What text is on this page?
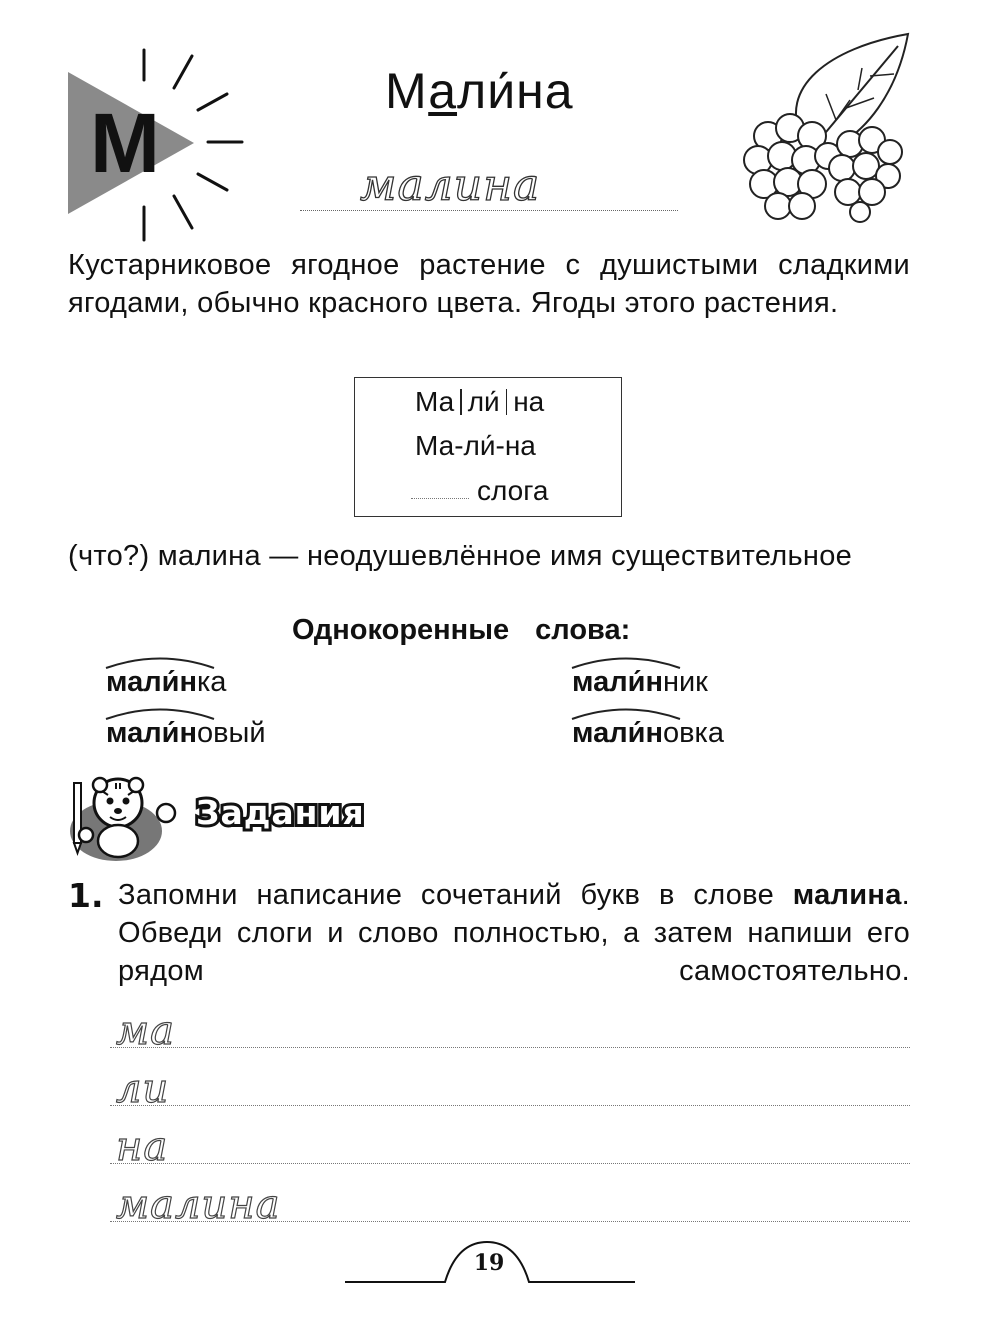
М
Мали́на
малина

Кустарниковое ягодное растение с душистыми сладкими ягодами, обычно красного цвета. Ягоды этого растения.

Ма ли́ на
Ма-ли́-на
слога

(что?) малина — неодушевлённое имя существительное

Однокоренные слова:
мали́нка	мали́нник
мали́новый	мали́новка
Задания
1. Запомни написание сочетаний букв в слове малина. Обведи слоги и слово полностью, а затем напиши его рядом самостоятельно.

ма
ли
на
малина
19
